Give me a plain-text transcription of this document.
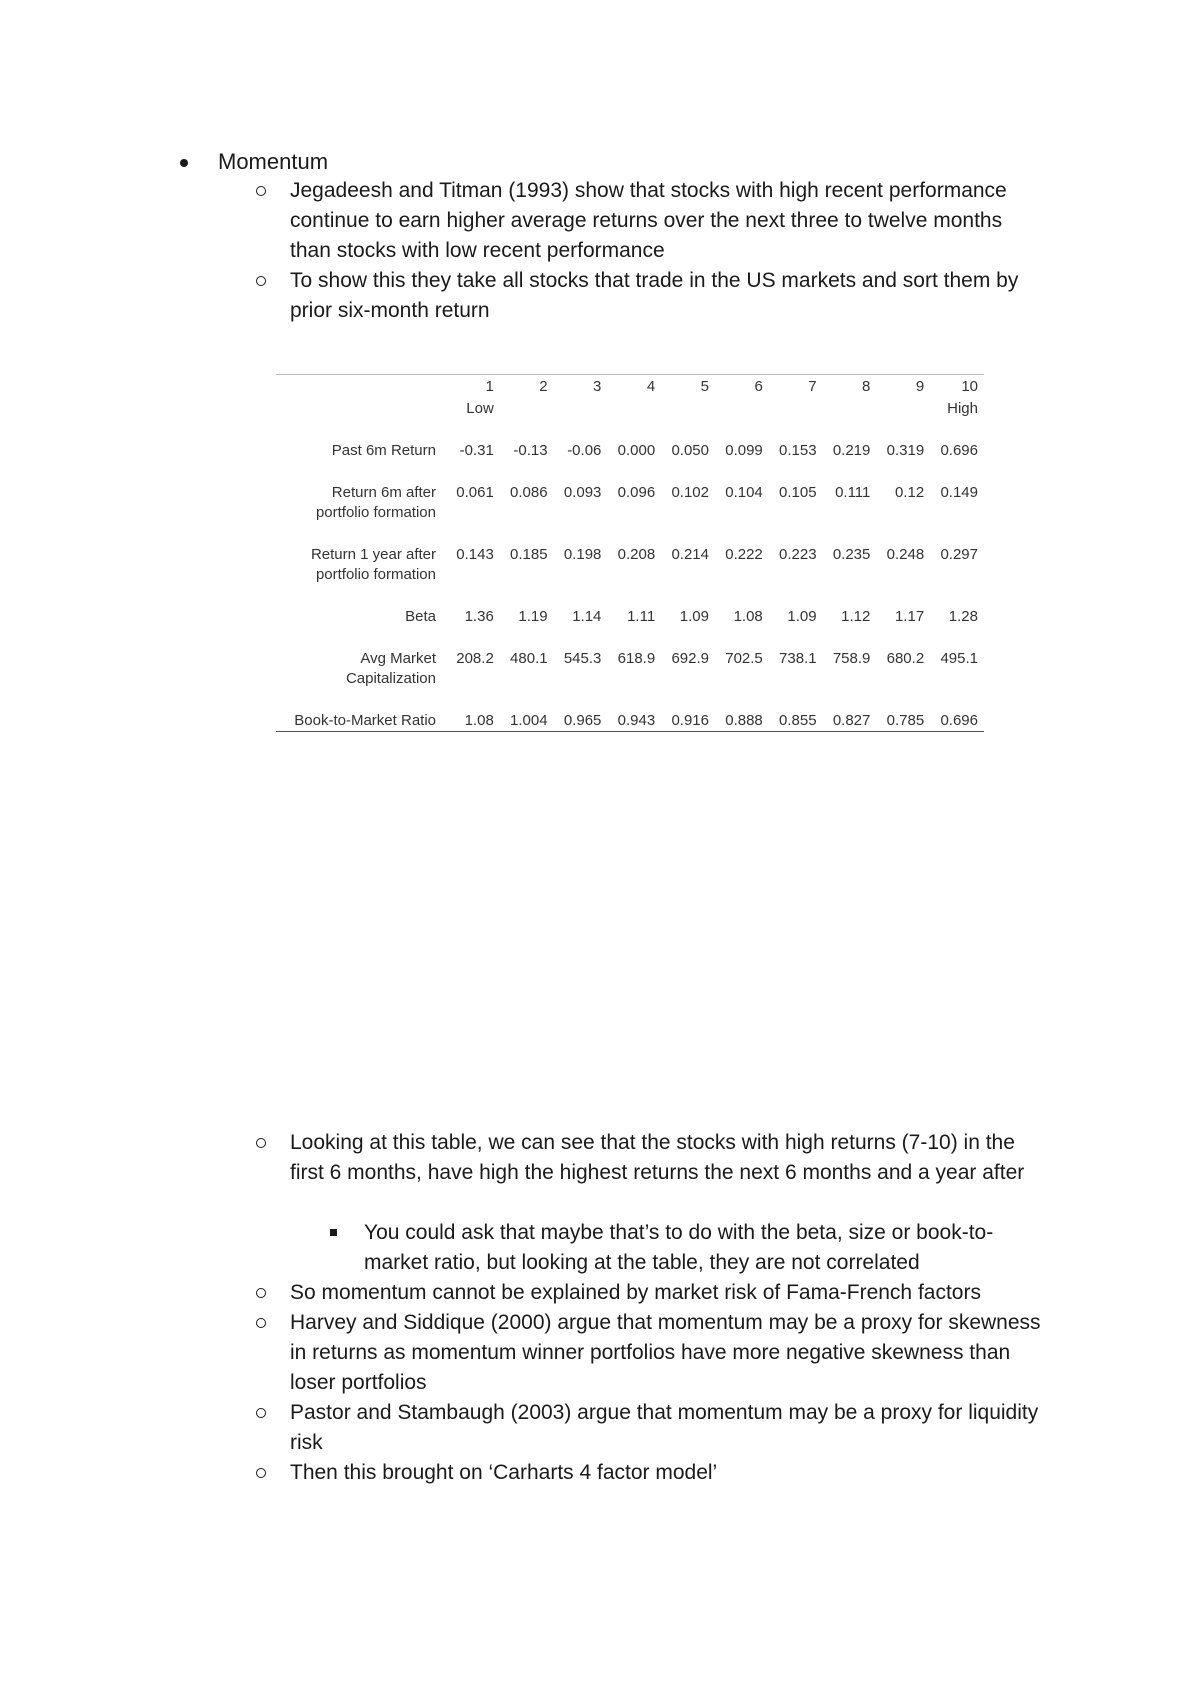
Momentum
Jegadeesh and Titman (1993) show that stocks with high recent performance continue to earn higher average returns over the next three to twelve months than stocks with low recent performance
To show this they take all stocks that trade in the US markets and sort them by prior six-month return
	1	2	3	4	5	6	7	8	9	10
	Low									High

Past 6m Return	-0.31	-0.13	-0.06	0.000	0.050	0.099	0.153	0.219	0.319	0.696

Return 6m after portfolio formation	0.061	0.086	0.093	0.096	0.102	0.104	0.105	0.111	0.12	0.149

Return 1 year after portfolio formation	0.143	0.185	0.198	0.208	0.214	0.222	0.223	0.235	0.248	0.297

Beta	1.36	1.19	1.14	1.11	1.09	1.08	1.09	1.12	1.17	1.28

Avg Market Capitalization	208.2	480.1	545.3	618.9	692.9	702.5	738.1	758.9	680.2	495.1

Book-to-Market Ratio	1.08	1.004	0.965	0.943	0.916	0.888	0.855	0.827	0.785	0.696
Looking at this table, we can see that the stocks with high returns (7-10) in the first 6 months, have high the highest returns the next 6 months and a year after
You could ask that maybe that’s to do with the beta, size or book-to-market ratio, but looking at the table, they are not correlated
So momentum cannot be explained by market risk of Fama-French factors
Harvey and Siddique (2000) argue that momentum may be a proxy for skewness in returns as momentum winner portfolios have more negative skewness than loser portfolios
Pastor and Stambaugh (2003) argue that momentum may be a proxy for liquidity risk
Then this brought on ‘Carharts 4 factor model’
